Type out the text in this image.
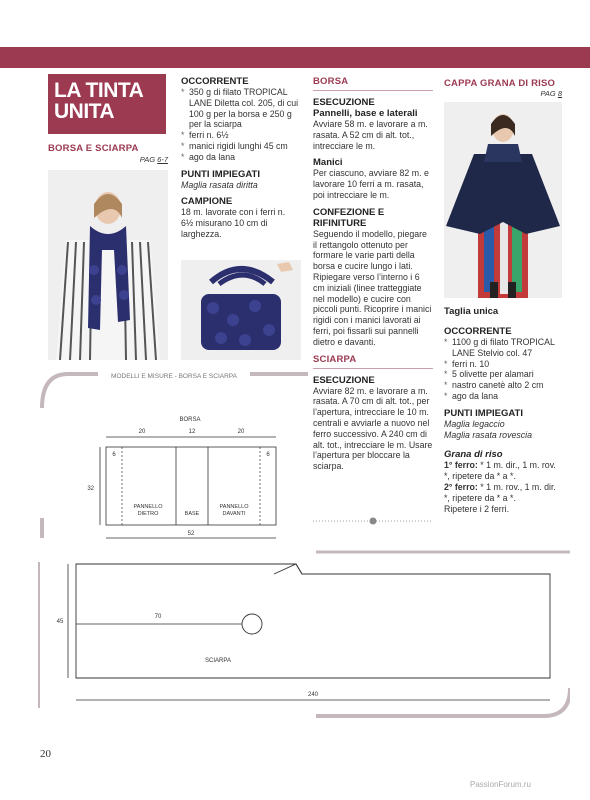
LA TINTA UNITA
BORSA E SCIARPA
PAG 6-7
OCCORRENTE
* 350 g di filato TROPICAL LANE Diletta col. 205, di cui 100 g per la borsa e 250 g per la sciarpa
* ferri n. 6½
* manici rigidi lunghi 45 cm
* ago da lana
PUNTI IMPIEGATI
Maglia rasata diritta
CAMPIONE
18 m. lavorate con i ferri n. 6½ misurano 10 cm di larghezza.
BORSA
ESECUZIONE
Pannelli, base e laterali
Avviare 58 m. e lavorare a m. rasata. A 52 cm di alt. tot., intrecciare le m.
Manici
Per ciascuno, avviare 82 m. e lavorare 10 ferri a m. rasata, poi intrecciare le m.
CONFEZIONE E RIFINITURE
Seguendo il modello, piegare il rettangolo ottenuto per formare le varie parti della borsa e cucire lungo i lati. Ripiegare verso l’interno i 6 cm iniziali (linee tratteggiate nel modello) e cucire con piccoli punti. Ricoprire i manici rigidi con i manici lavorati ai ferri, poi fissarli sui pannelli dietro e davanti.
SCIARPA
ESECUZIONE
Avviare 82 m. e lavorare a m. rasata. A 70 cm di alt. tot., per l’apertura, intrecciare le 10 m. centrali e avviarle a nuovo nel ferro successivo. A 240 cm di alt. tot., intrecciare le m. Usare l’apertura per bloccare la sciarpa.
CAPPA GRANA DI RISO
PAG 8
Taglia unica
OCCORRENTE
* 1100 g di filato TROPICAL LANE Stelvio col. 47
* ferri n. 10
* 5 olivette per alamari
* nastro canetè alto 2 cm
* ago da lana
PUNTI IMPIEGATI
Maglia legaccio
Maglia rasata rovescia
Grana di riso
1° ferro: * 1 m. dir., 1 m. rov. *, ripetere da * a *.
2° ferro: * 1 m. rov., 1 m. dir. *, ripetere da * a *.
Ripetere i 2 ferri.
MODELLI E MISURE - BORSA E SCIARPA
BORSA
20	12	20
6	6
32
PANNELLO
DIETRO	BASE
PANNELLO
DAVANTI
52
45
70
SCIARPA
240
20
PassionForum.ru
